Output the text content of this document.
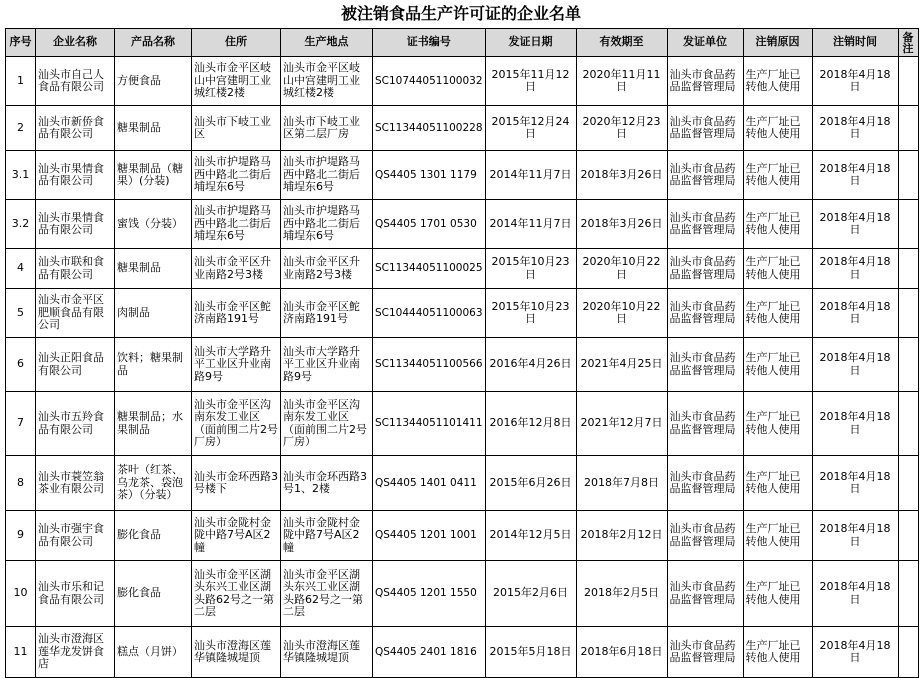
被注销食品生产许可证的企业名单
序号	企业名称	产品名称	住所	生产地点	证书编号	发证日期	有效期至	发证单位	注销原因	注销时间	备注
1	汕头市自己人食品有限公司	方便食品	汕头市金平区岐山中宫建明工业城红楼2楼	汕头市金平区岐山中宫建明工业城红楼2楼	SC10744051100032	2015年11月12日	2020年11月11日	汕头市食品药品监督管理局	生产厂址已转他人使用	2018年4月18日	
2	汕头市新侨食品有限公司	糖果制品	汕头市下岐工业区	汕头市下岐工业区第二层厂房	SC11344051100228	2015年12月24日	2020年12月23日	汕头市食品药品监督管理局	生产厂址已转他人使用	2018年4月18日	
3.1	汕头市果情食品有限公司	糖果制品（糖果）(分装)	汕头市护堤路马西中路北二街后埔埕东6号	汕头市护堤路马西中路北二街后埔埕东6号	QS4405 1301 1179	2014年11月7日	2018年3月26日	汕头市食品药品监督管理局	生产厂址已转他人使用	2018年4月18日	
3.2	汕头市果情食品有限公司	蜜饯（分装）	汕头市护堤路马西中路北二街后埔埕东6号	汕头市护堤路马西中路北二街后埔埕东6号	QS4405 1701 0530	2014年11月7日	2018年3月26日	汕头市食品药品监督管理局	生产厂址已转他人使用	2018年4月18日	
4	汕头市联和食品有限公司	糖果制品	汕头市金平区升业南路2号3楼	汕头市金平区升业南路2号3楼	SC11344051100025	2015年10月23日	2020年10月22日	汕头市食品药品监督管理局	生产厂址已转他人使用	2018年4月18日	
5	汕头市金平区肥顺食品有限公司	肉制品	汕头市金平区鮀济南路191号	汕头市金平区鮀济南路191号	SC10444051100063	2015年10月23日	2020年10月22日	汕头市食品药品监督管理局	生产厂址已转他人使用	2018年4月18日	
6	汕头正阳食品有限公司	饮料；糖果制品	汕头市大学路升平工业区升业南路9号	汕头市大学路升平工业区升业南路9号	SC11344051100566	2016年4月26日	2021年4月25日	汕头市食品药品监督管理局	生产厂址已转他人使用	2018年4月18日	
7	汕头市五羚食品有限公司	糖果制品；水果制品	汕头市金平区沟南东发工业区（面前围二片2号厂房）	汕头市金平区沟南东发工业区（面前围二片2号厂房）	SC11344051101411	2016年12月8日	2021年12月7日	汕头市食品药品监督管理局	生产厂址已转他人使用	2018年4月18日	
8	汕头市蓑笠翁茶业有限公司	茶叶（红茶、乌龙茶、袋泡茶）（分装）	汕头市金环西路3号楼下	汕头市金环西路3号1、2楼	QS4405 1401 0411	2015年6月26日	2018年7月8日	汕头市食品药品监督管理局	生产厂址已转他人使用	2018年4月18日	
9	汕头市强宇食品有限公司	膨化食品	汕头市金陇村金陇中路7号A区2幢	汕头市金陇村金陇中路7号A区2幢	QS4405 1201 1001	2014年12月5日	2018年2月12日	汕头市食品药品监督管理局	生产厂址已转他人使用	2018年4月18日	
10	汕头市乐和记食品有限公司	膨化食品	汕头市金平区湖头东兴工业区湖头路62号之一第二层	汕头市金平区湖头东兴工业区湖头路62号之一第二层	QS4405 1201 1550	2015年2月6日	2018年2月5日	汕头市食品药品监督管理局	生产厂址已转他人使用	2018年4月18日	
11	汕头市澄海区莲华龙发饼食店	糕点（月饼）	汕头市澄海区莲华镇隆城堤顶	汕头市澄海区莲华镇隆城堤顶	QS4405 2401 1816	2015年5月18日	2018年6月18日	汕头市食品药品监督管理局	生产厂址已转他人使用	2018年4月18日	
